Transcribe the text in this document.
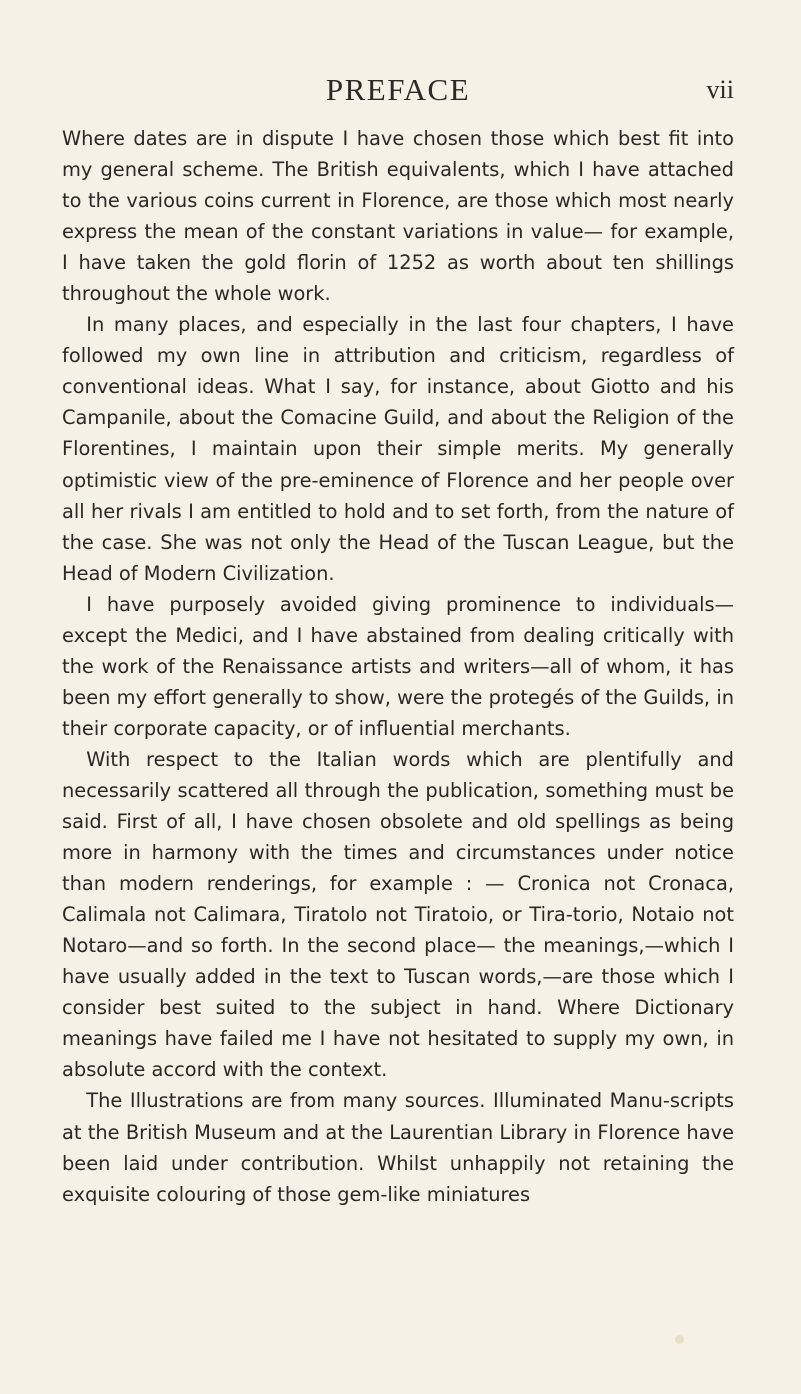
PREFACE	vii

Where dates are in dispute I have chosen those which best fit into my general scheme. The British equivalents, which I have attached to the various coins current in Florence, are those which most nearly express the mean of the constant variations in value— for example, I have taken the gold florin of 1252 as worth about ten shillings throughout the whole work.

In many places, and especially in the last four chapters, I have followed my own line in attribution and criticism, regardless of conventional ideas. What I say, for instance, about Giotto and his Campanile, about the Comacine Guild, and about the Religion of the Florentines, I maintain upon their simple merits. My generally optimistic view of the pre-eminence of Florence and her people over all her rivals I am entitled to hold and to set forth, from the nature of the case. She was not only the Head of the Tuscan League, but the Head of Modern Civilization.

I have purposely avoided giving prominence to individuals— except the Medici, and I have abstained from dealing critically with the work of the Renaissance artists and writers—all of whom, it has been my effort generally to show, were the protegés of the Guilds, in their corporate capacity, or of influential merchants.

With respect to the Italian words which are plentifully and necessarily scattered all through the publication, something must be said. First of all, I have chosen obsolete and old spellings as being more in harmony with the times and circumstances under notice than modern renderings, for example : — Cronica not Cronaca, Calimala not Calimara, Tiratolo not Tiratoio, or Tira-torio, Notaio not Notaro—and so forth. In the second place— the meanings,—which I have usually added in the text to Tuscan words,—are those which I consider best suited to the subject in hand. Where Dictionary meanings have failed me I have not hesitated to supply my own, in absolute accord with the context.

The Illustrations are from many sources. Illuminated Manu-scripts at the British Museum and at the Laurentian Library in Florence have been laid under contribution. Whilst unhappily not retaining the exquisite colouring of those gem-like miniatures
